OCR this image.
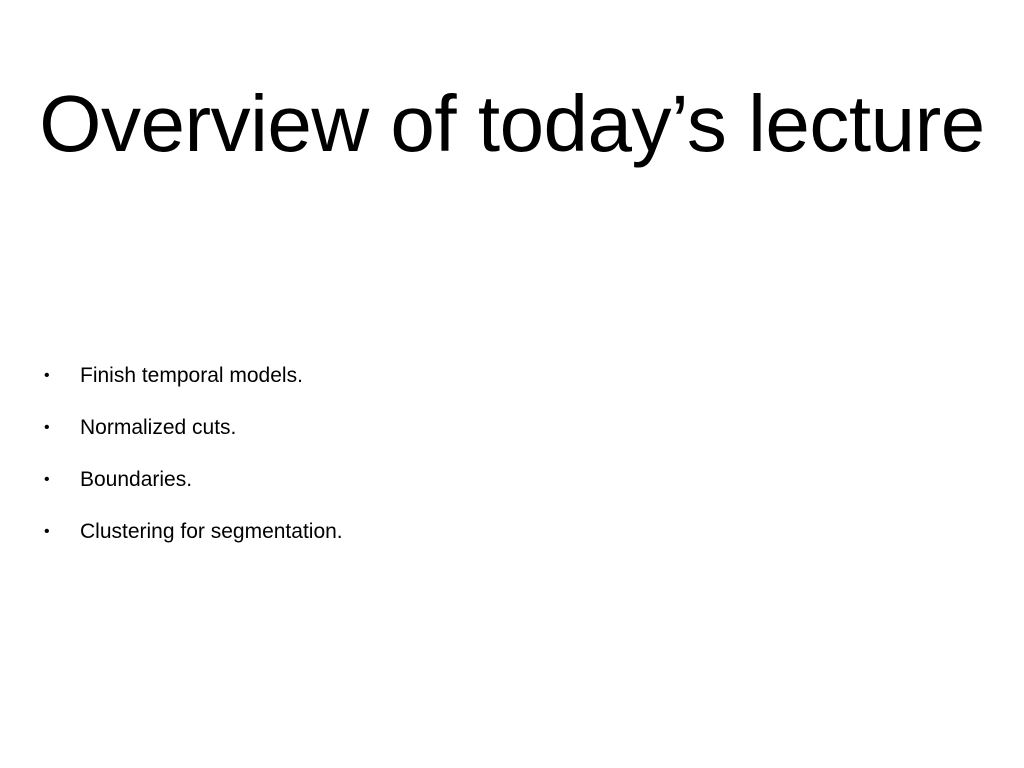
Overview of today’s lecture
•	Finish temporal models.
•	Normalized cuts.
•	Boundaries.
•	Clustering for segmentation.
